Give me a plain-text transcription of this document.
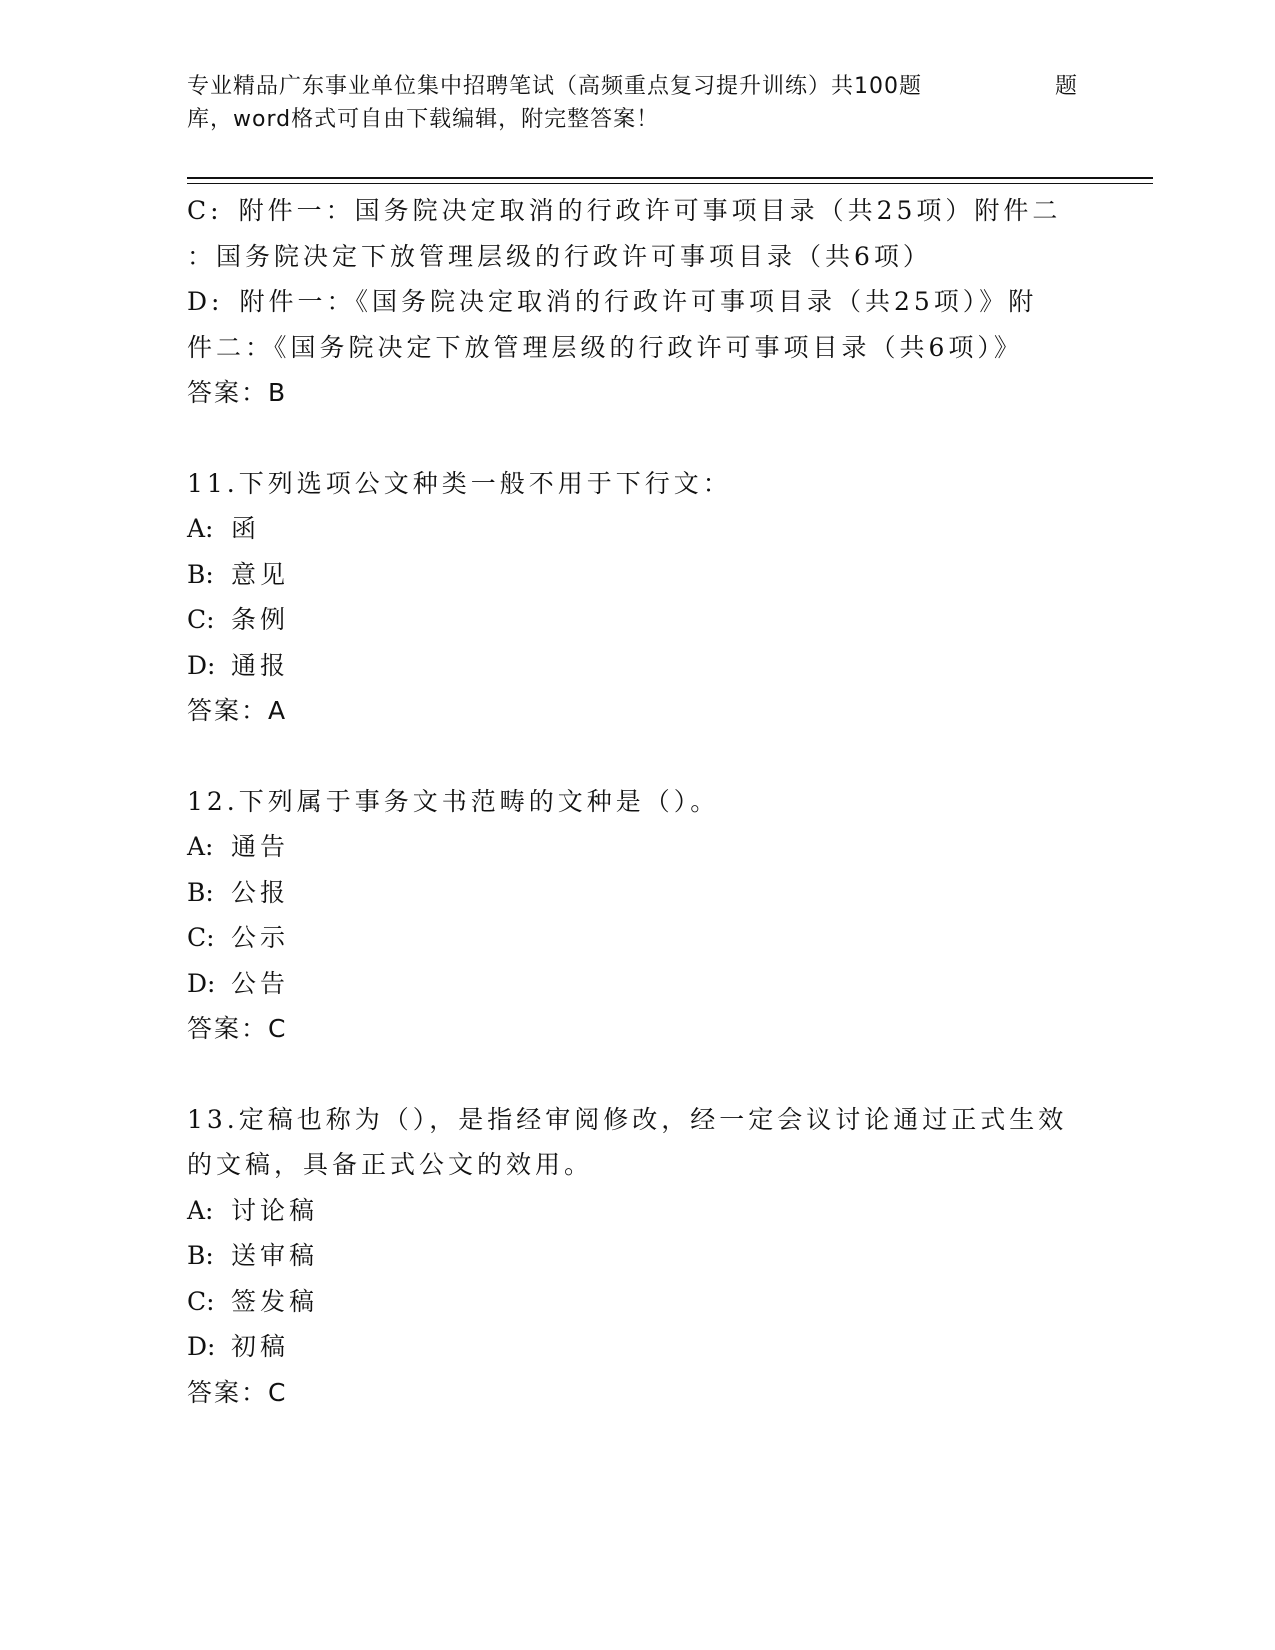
专业精品广东事业单位集中招聘笔试（高频重点复习提升训练）共100题	题
库，word格式可自由下载编辑，附完整答案！

C: 附件一：国务院决定取消的行政许可事项目录（共25项）附件二

：国务院决定下放管理层级的行政许可事项目录（共6项）

D: 附件一：《国务院决定取消的行政许可事项目录（共25项）》附

件二：《国务院决定下放管理层级的行政许可事项目录（共6项）》

答案：B

11.下列选项公文种类一般不用于下行文：

A: 函

B: 意见

C: 条例

D: 通报

答案：A

12.下列属于事务文书范畴的文种是（）。

A: 通告

B: 公报

C: 公示

D: 公告

答案：C

13.定稿也称为（），是指经审阅修改，经一定会议讨论通过正式生效

的文稿，具备正式公文的效用。

A: 讨论稿

B: 送审稿

C: 签发稿

D: 初稿

答案：C
